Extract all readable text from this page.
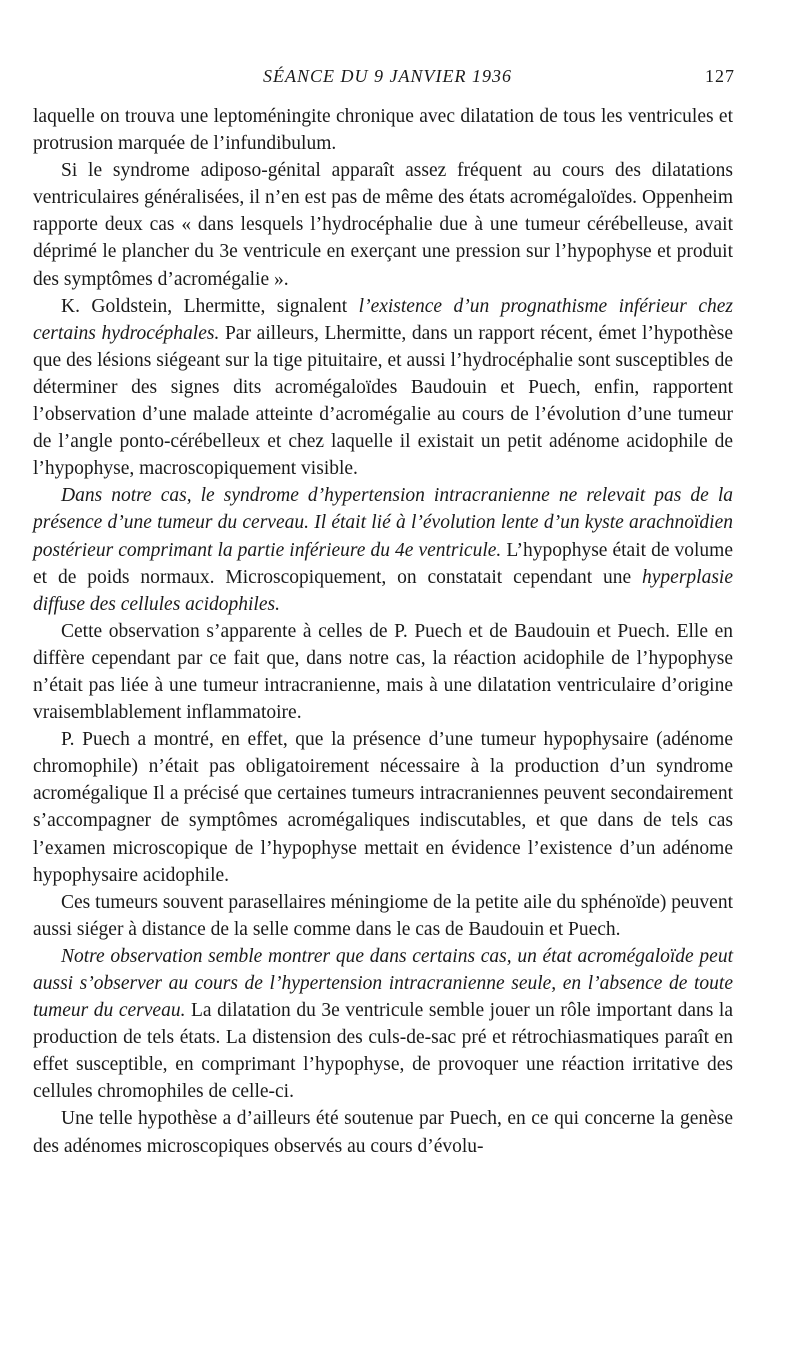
SÉANCE DU 9 JANVIER 1936	127

laquelle on trouva une leptoméningite chronique avec dilatation de tous les ventricules et protrusion marquée de l’infundibulum.

Si le syndrome adiposo-génital apparaît assez fréquent au cours des dilatations ventriculaires généralisées, il n’en est pas de même des états acromégaloïdes. Oppenheim rapporte deux cas « dans lesquels l’hydrocéphalie due à une tumeur cérébelleuse, avait déprimé le plancher du 3e ventricule en exerçant une pression sur l’hypophyse et produit des symptômes d’acromégalie ».

K. Goldstein, Lhermitte, signalent l’existence d’un prognathisme inférieur chez certains hydrocéphales. Par ailleurs, Lhermitte, dans un rapport récent, émet l’hypothèse que des lésions siégeant sur la tige pituitaire, et aussi l’hydrocéphalie sont susceptibles de déterminer des signes dits acromégaloïdes Baudouin et Puech, enfin, rapportent l’observation d’une malade atteinte d’acromégalie au cours de l’évolution d’une tumeur de l’angle ponto-cérébelleux et chez laquelle il existait un petit adénome acidophile de l’hypophyse, macroscopiquement visible.

Dans notre cas, le syndrome d’hypertension intracranienne ne relevait pas de la présence d’une tumeur du cerveau. Il était lié à l’évolution lente d’un kyste arachnoïdien postérieur comprimant la partie inférieure du 4e ventricule. L’hypophyse était de volume et de poids normaux. Microscopiquement, on constatait cependant une hyperplasie diffuse des cellules acidophiles.

Cette observation s’apparente à celles de P. Puech et de Baudouin et Puech. Elle en diffère cependant par ce fait que, dans notre cas, la réaction acidophile de l’hypophyse n’était pas liée à une tumeur intracranienne, mais à une dilatation ventriculaire d’origine vraisemblablement inflammatoire.

P. Puech a montré, en effet, que la présence d’une tumeur hypophysaire (adénome chromophile) n’était pas obligatoirement nécessaire à la production d’un syndrome acromégalique Il a précisé que certaines tumeurs intracraniennes peuvent secondairement s’accompagner de symptômes acromégaliques indiscutables, et que dans de tels cas l’examen microscopique de l’hypophyse mettait en évidence l’existence d’un adénome hypophysaire acidophile.

Ces tumeurs souvent parasellaires méningiome de la petite aile du sphénoïde) peuvent aussi siéger à distance de la selle comme dans le cas de Baudouin et Puech.

Notre observation semble montrer que dans certains cas, un état acromégaloïde peut aussi s’observer au cours de l’hypertension intracranienne seule, en l’absence de toute tumeur du cerveau. La dilatation du 3e ventricule semble jouer un rôle important dans la production de tels états. La distension des culs-de-sac pré et rétrochiasmatiques paraît en effet susceptible, en comprimant l’hypophyse, de provoquer une réaction irritative des cellules chromophiles de celle-ci.

Une telle hypothèse a d’ailleurs été soutenue par Puech, en ce qui concerne la genèse des adénomes microscopiques observés au cours d’évolu-
